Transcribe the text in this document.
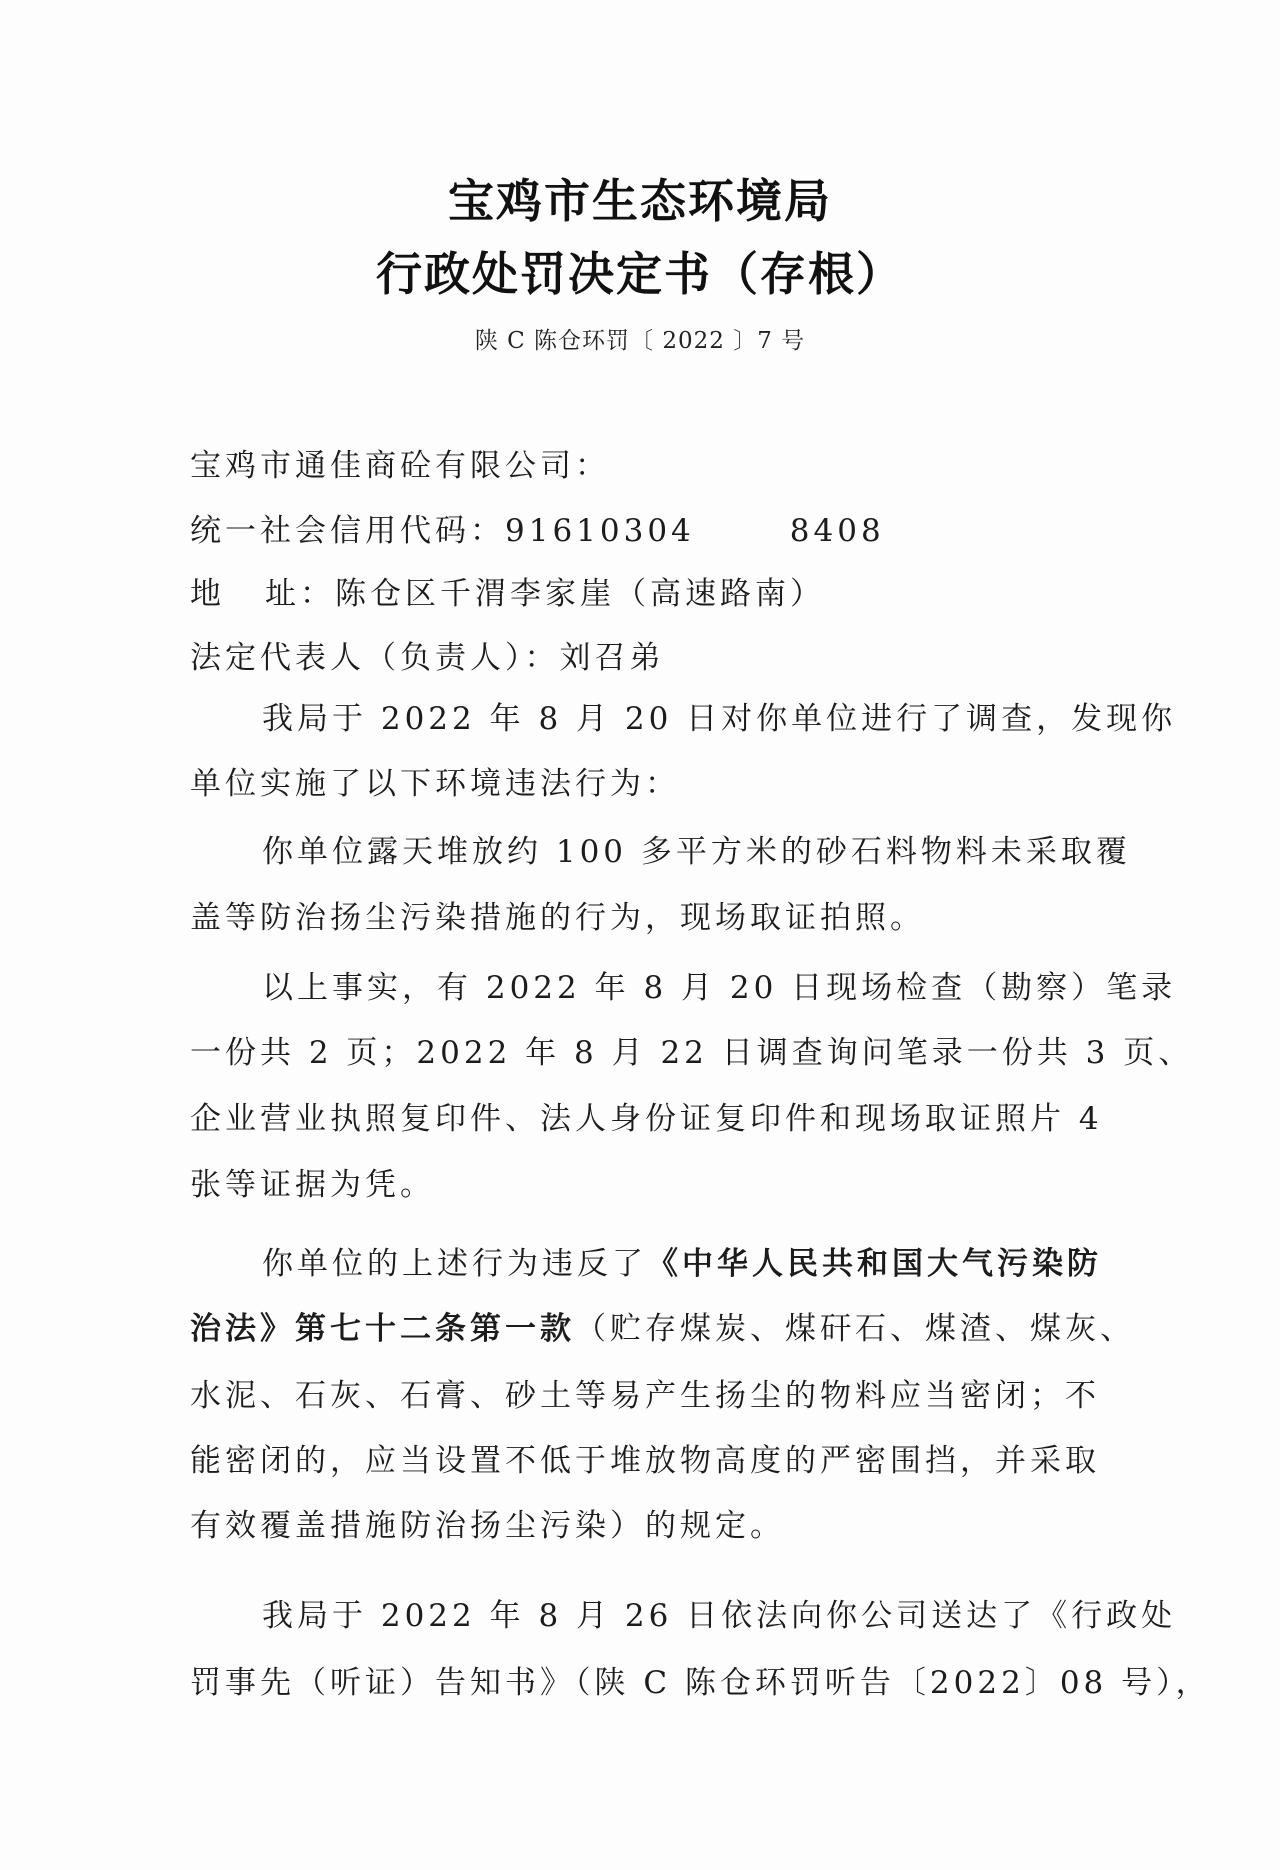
宝鸡市生态环境局
行政处罚决定书（存根）
陕 C 陈仓环罚〔 2022 〕7 号
宝鸡市通佳商砼有限公司：
统一社会信用代码：91610304	8408
地 址：陈仓区千渭李家崖（高速路南）
法定代表人（负责人）：刘召弟
我局于 2022 年 8 月 20 日对你单位进行了调查，发现你
单位实施了以下环境违法行为：
你单位露天堆放约 100 多平方米的砂石料物料未采取覆
盖等防治扬尘污染措施的行为，现场取证拍照。
以上事实，有 2022 年 8 月 20 日现场检查（勘察）笔录
一份共 2 页；2022 年 8 月 22 日调查询问笔录一份共 3 页、
企业营业执照复印件、法人身份证复印件和现场取证照片 4
张等证据为凭。
你单位的上述行为违反了《中华人民共和国大气污染防
治法》第七十二条第一款（贮存煤炭、煤矸石、煤渣、煤灰、
水泥、石灰、石膏、砂土等易产生扬尘的物料应当密闭；不
能密闭的，应当设置不低于堆放物高度的严密围挡，并采取
有效覆盖措施防治扬尘污染）的规定。
我局于 2022 年 8 月 26 日依法向你公司送达了《行政处
罚事先（听证）告知书》（陕 C 陈仓环罚听告〔2022〕08 号），
